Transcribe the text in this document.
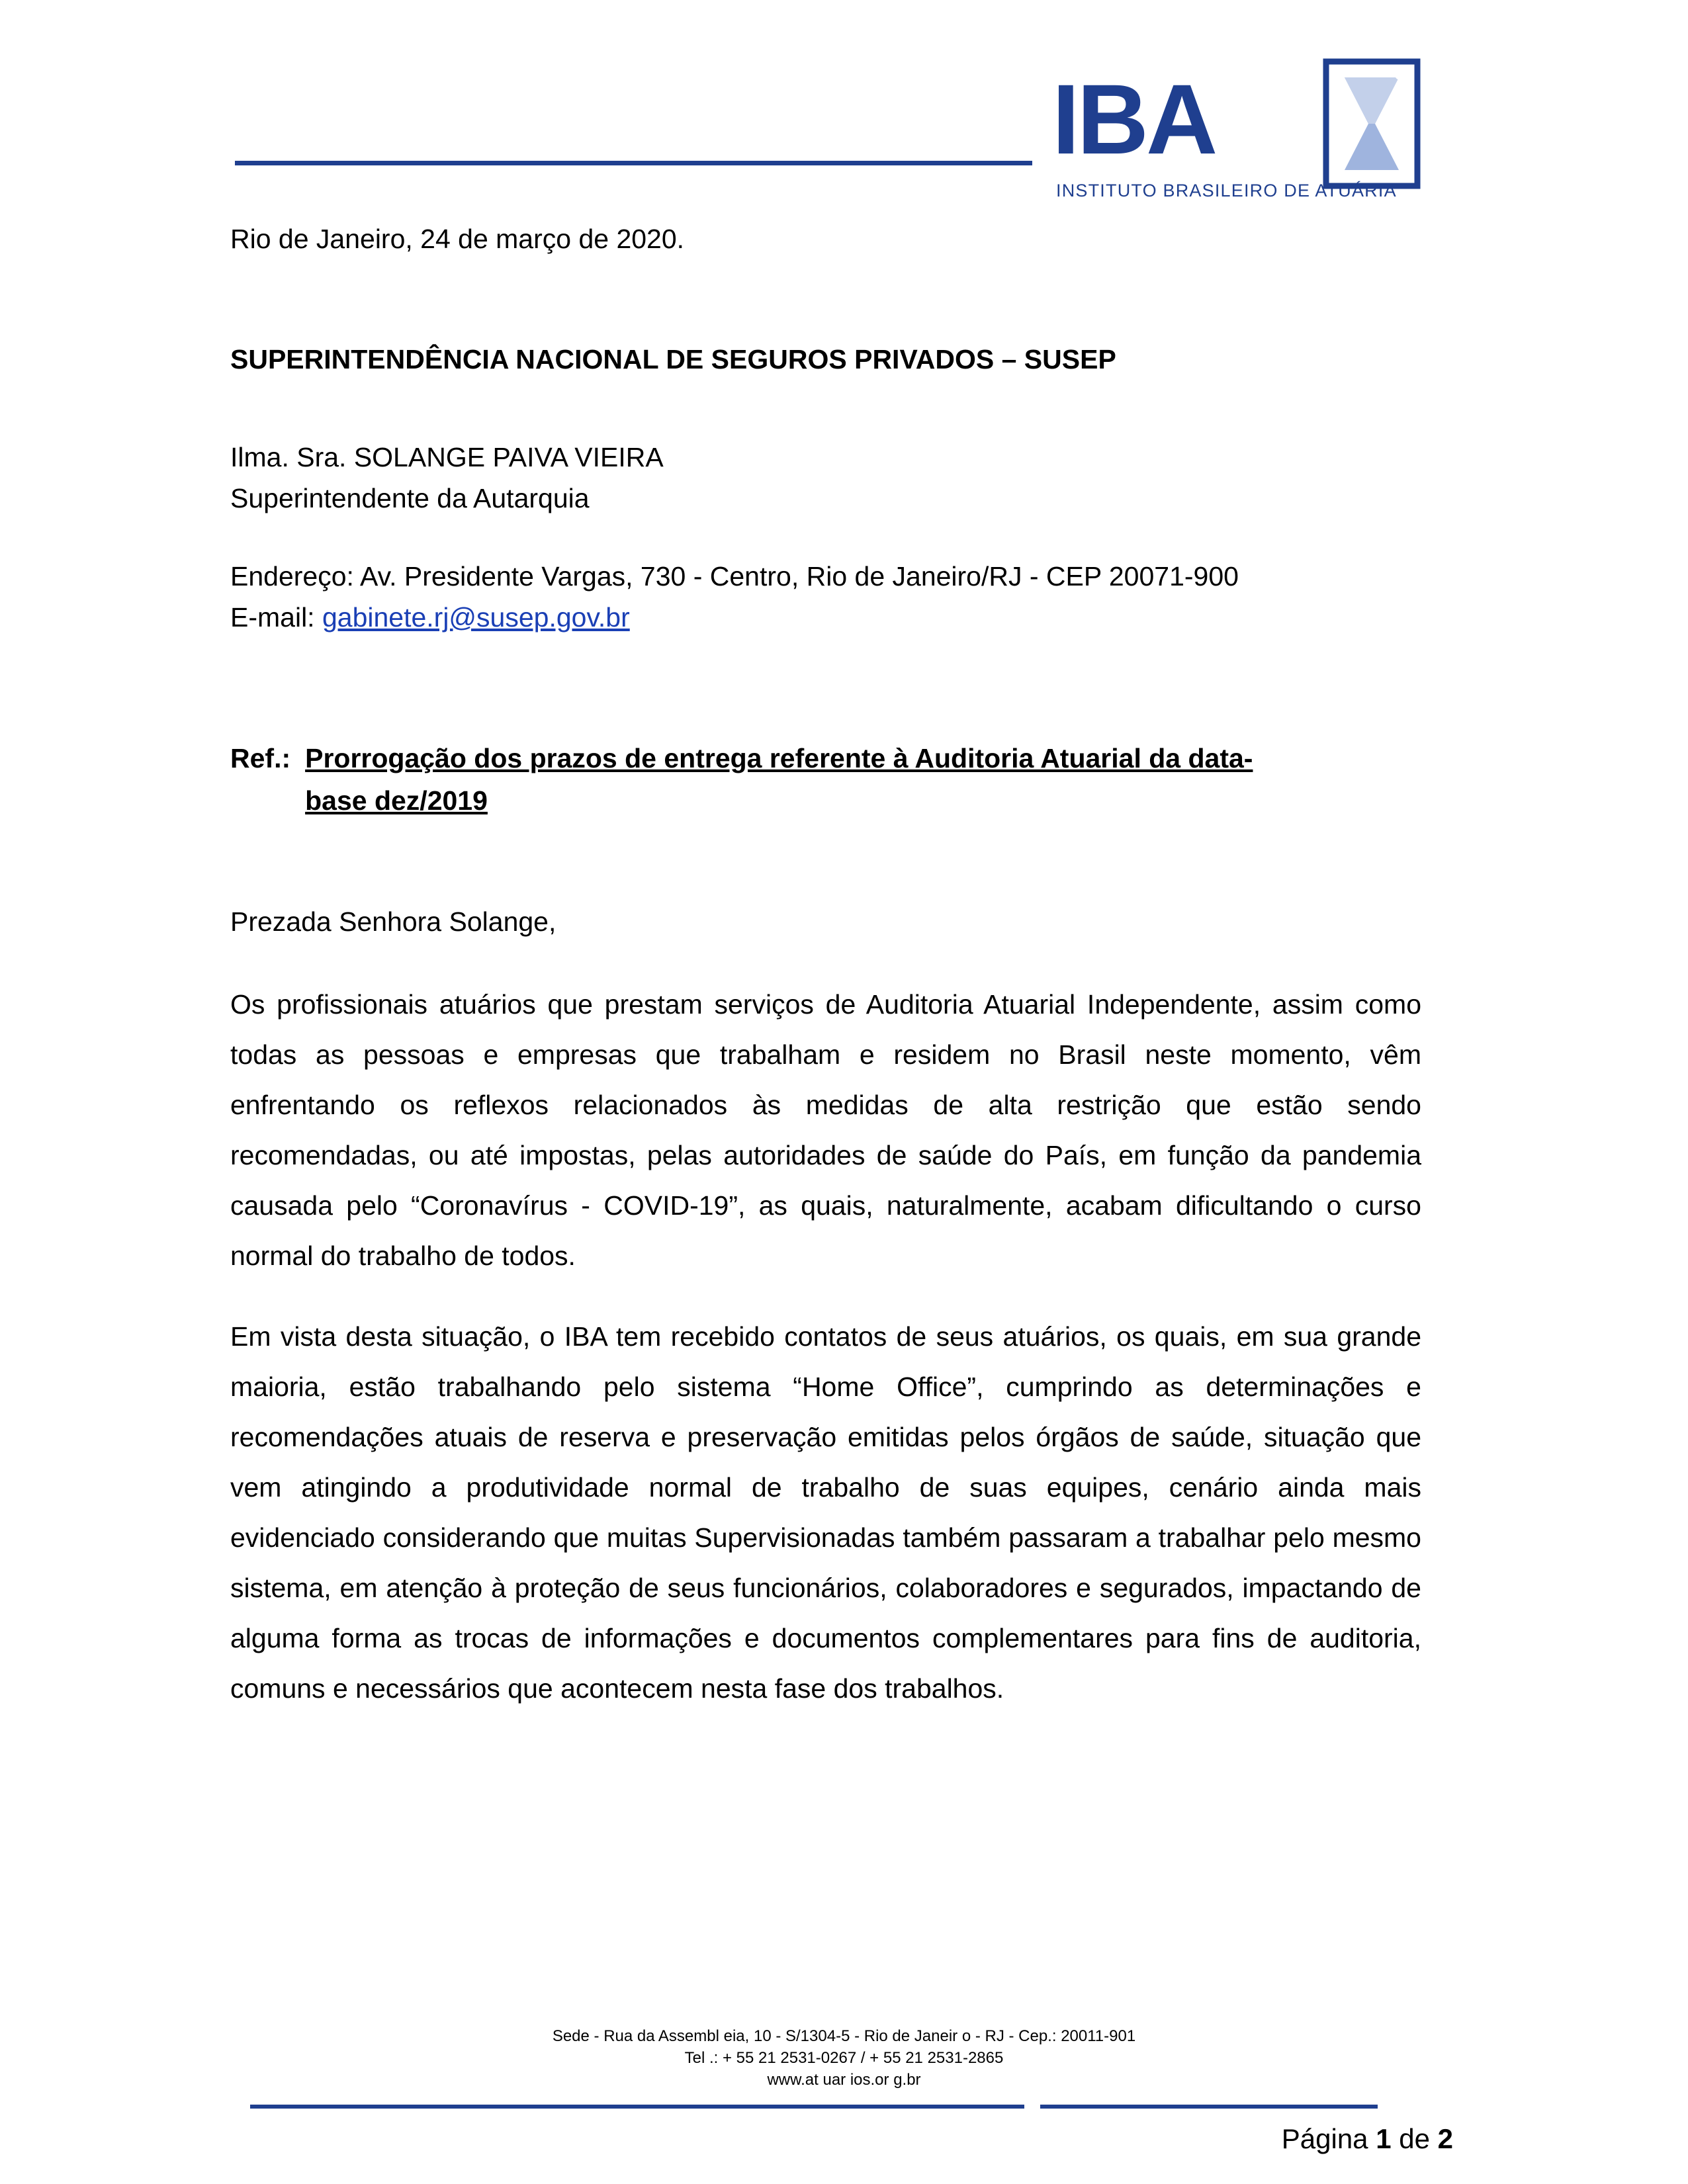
IBA
INSTITUTO BRASILEIRO DE ATUÁRIA
Rio de Janeiro, 24 de março de 2020.
SUPERINTENDÊNCIA NACIONAL DE SEGUROS PRIVADOS – SUSEP
Ilma. Sra. SOLANGE PAIVA VIEIRA
Superintendente da Autarquia
Endereço: Av. Presidente Vargas, 730 - Centro, Rio de Janeiro/RJ - CEP 20071-900
E-mail: gabinete.rj@susep.gov.br
Ref.: Prorrogação dos prazos de entrega referente à Auditoria Atuarial da data-
base dez/2019
Prezada Senhora Solange,

Os profissionais atuários que prestam serviços de Auditoria Atuarial Independente, assim como todas as pessoas e empresas que trabalham e residem no Brasil neste momento, vêm enfrentando os reflexos relacionados às medidas de alta restrição que estão sendo recomendadas, ou até impostas, pelas autoridades de saúde do País, em função da pandemia causada pelo “Coronavírus - COVID-19”, as quais, naturalmente, acabam dificultando o curso normal do trabalho de todos.

Em vista desta situação, o IBA tem recebido contatos de seus atuários, os quais, em sua grande maioria, estão trabalhando pelo sistema “Home Office”, cumprindo as determinações e recomendações atuais de reserva e preservação emitidas pelos órgãos de saúde, situação que vem atingindo a produtividade normal de trabalho de suas equipes, cenário ainda mais evidenciado considerando que muitas Supervisionadas também passaram a trabalhar pelo mesmo sistema, em atenção à proteção de seus funcionários, colaboradores e segurados, impactando de alguma forma as trocas de informações e documentos complementares para fins de auditoria, comuns e necessários que acontecem nesta fase dos trabalhos.

Sede - Rua da Assembl eia, 10 - S/1304-5 - Rio de Janeir o - RJ - Cep.: 20011-901
Tel .: + 55 21 2531-0267 / + 55 21 2531-2865
www.at uar ios.or g.br
Página 1 de 2
